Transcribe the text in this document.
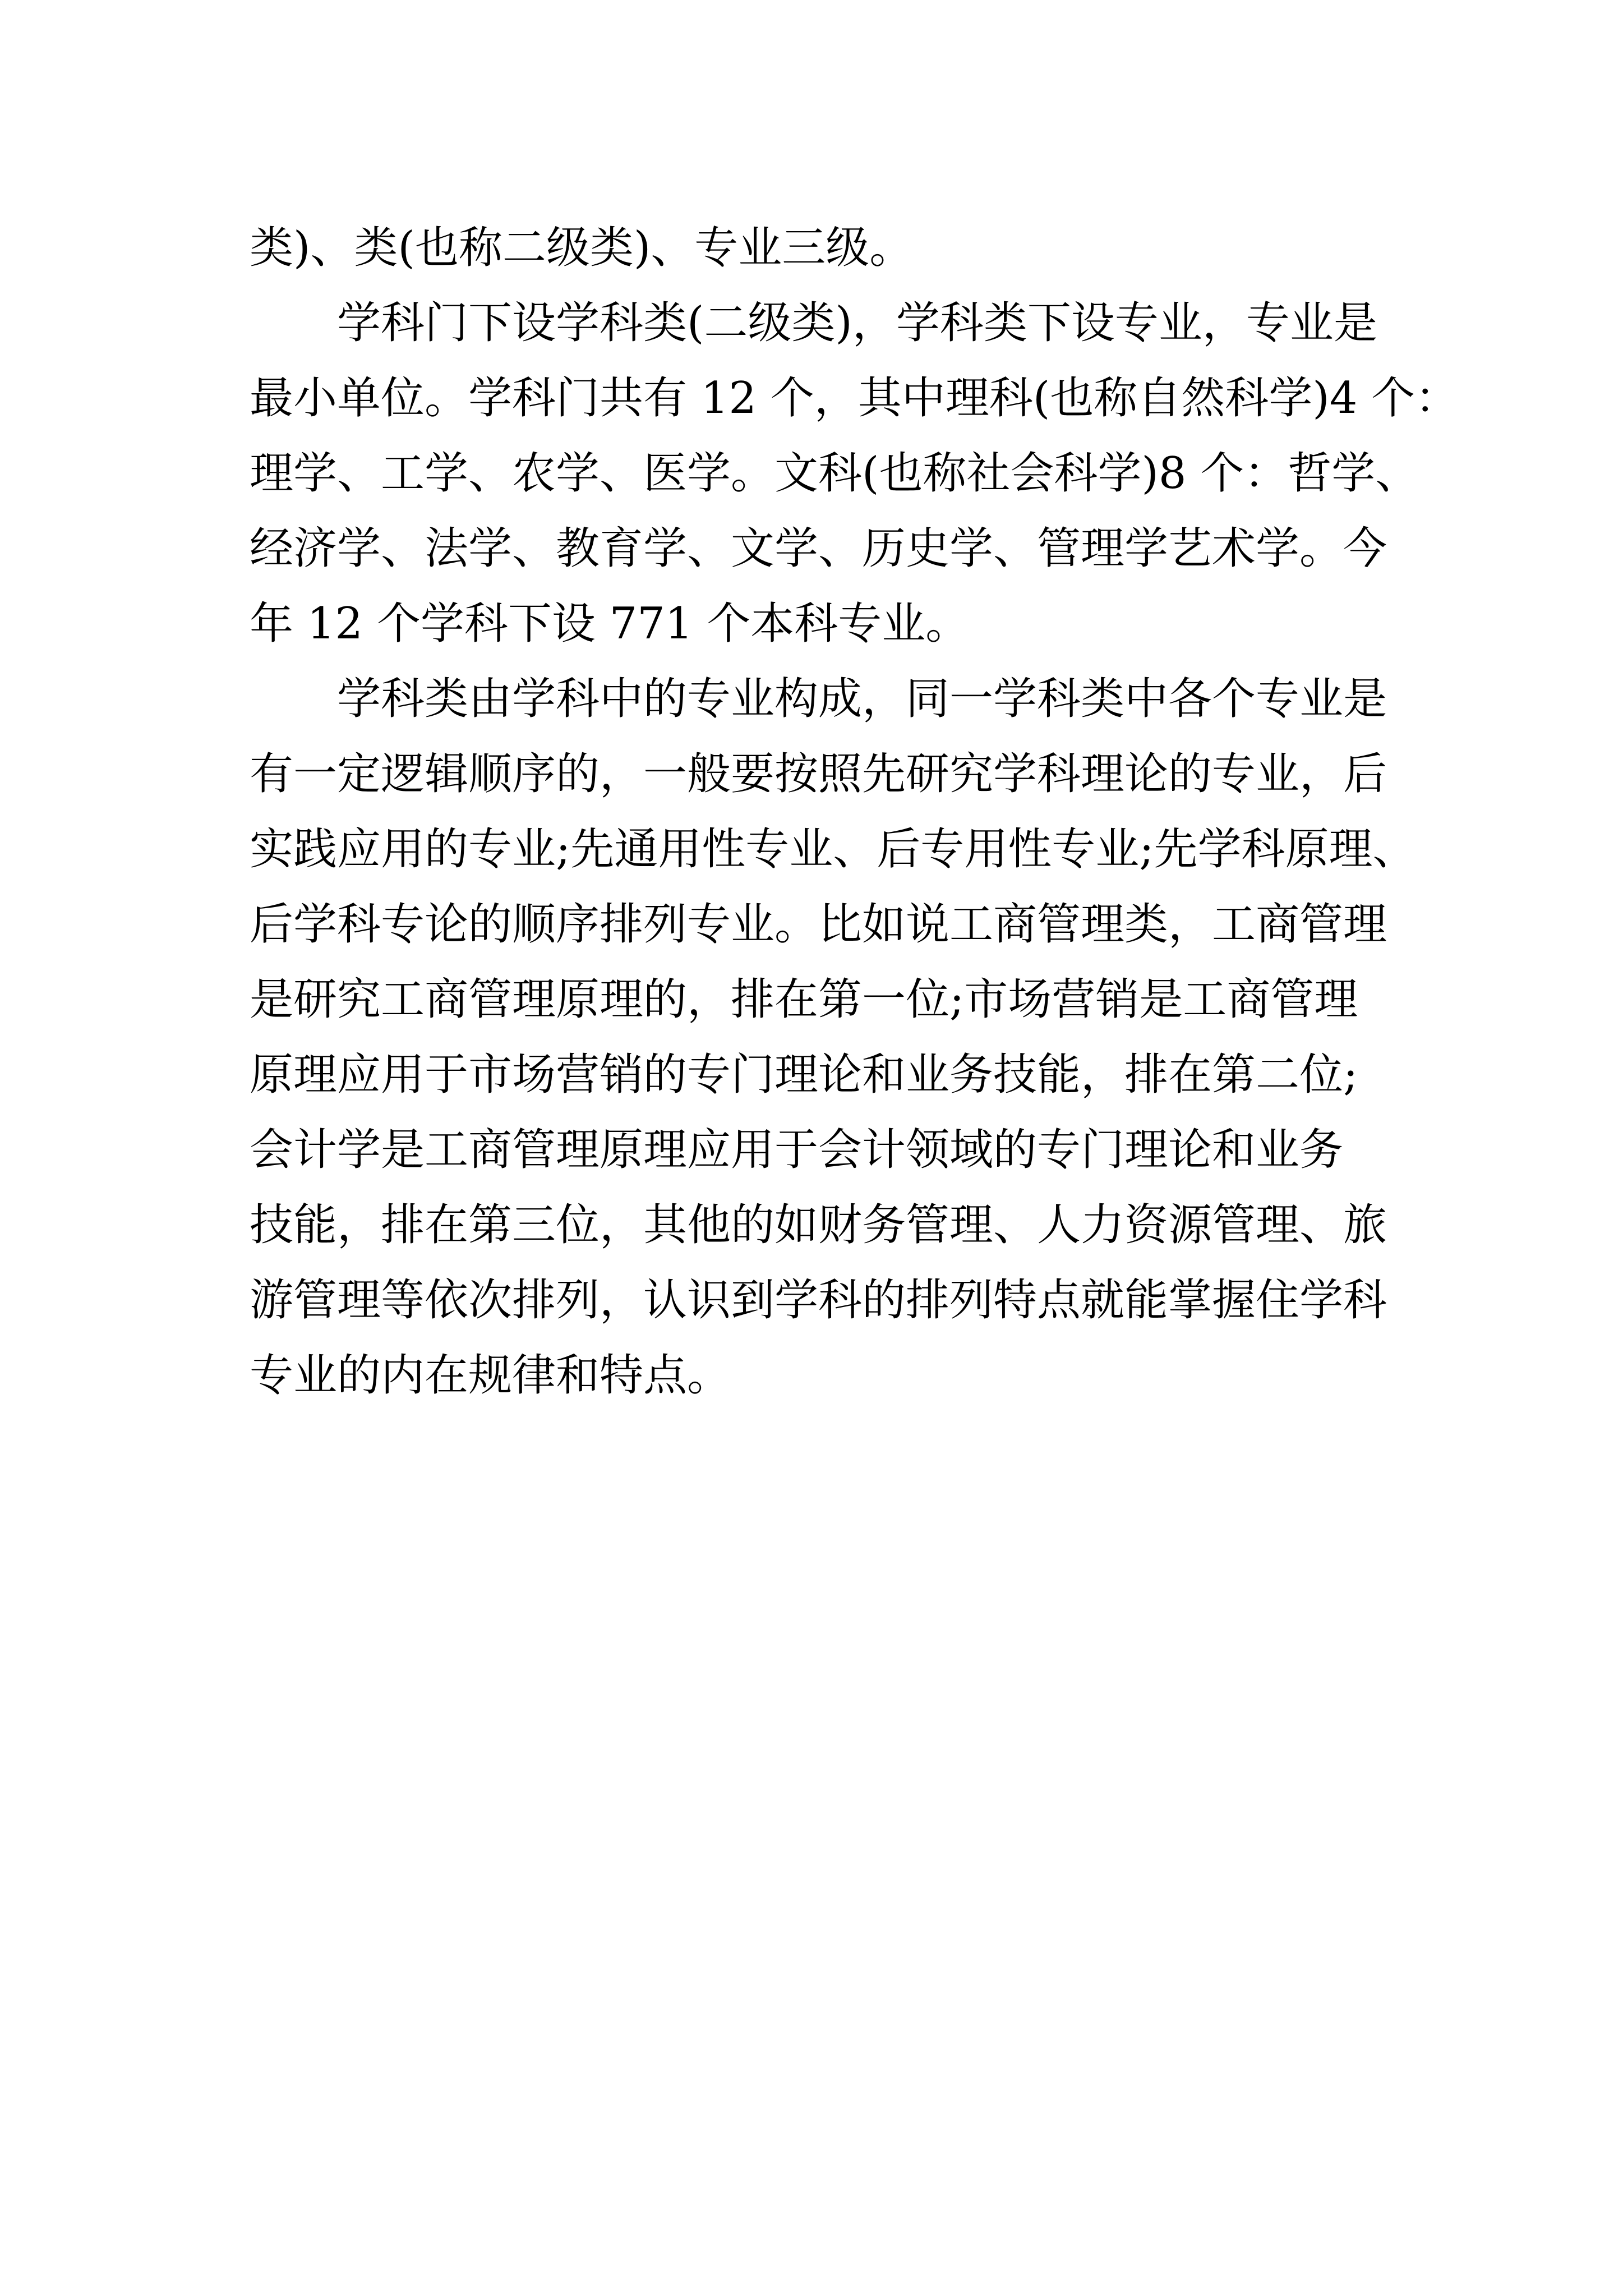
类)、类(也称二级类)、专业三级。
学科门下设学科类(二级类)，学科类下设专业，专业是
最小单位。学科门共有 12 个，其中理科(也称自然科学)4 个：
理学、工学、农学、医学。文科(也称社会科学)8 个：哲学、
经济学、法学、教育学、文学、历史学、管理学艺术学。今
年 12 个学科下设 771 个本科专业。
学科类由学科中的专业构成，同一学科类中各个专业是
有一定逻辑顺序的，一般要按照先研究学科理论的专业，后
实践应用的专业;先通用性专业、后专用性专业;先学科原理、
后学科专论的顺序排列专业。比如说工商管理类，工商管理
是研究工商管理原理的，排在第一位;市场营销是工商管理
原理应用于市场营销的专门理论和业务技能，排在第二位;
会计学是工商管理原理应用于会计领域的专门理论和业务
技能，排在第三位，其他的如财务管理、人力资源管理、旅
游管理等依次排列，认识到学科的排列特点就能掌握住学科
专业的内在规律和特点。
